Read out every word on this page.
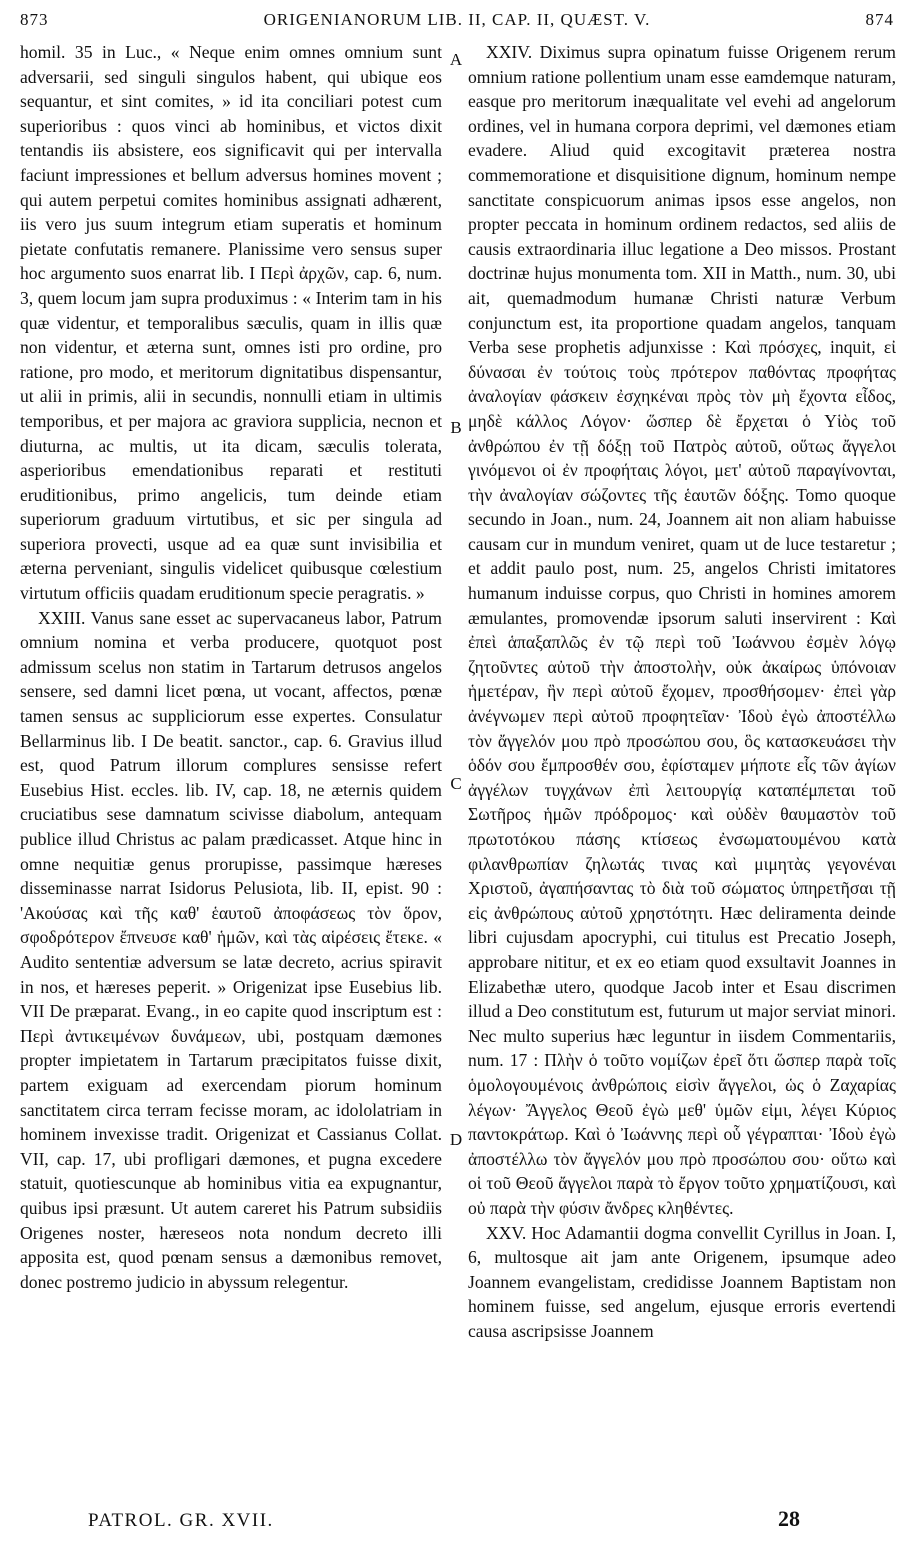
873	ORIGENIANORUM LIB. II, CAP. II, QUÆST. V.	874
A
B
C
D

homil. 35 in Luc., « Neque enim omnes omnium sunt adversarii, sed singuli singulos habent, qui ubique eos sequantur, et sint comites, » id ita conciliari potest cum superioribus : quos vinci ab hominibus, et victos dixit tentandis iis absistere, eos significavit qui per intervalla faciunt impressiones et bellum adversus homines movent ; qui autem perpetui comites hominibus assignati adhærent, iis vero jus suum integrum etiam superatis et hominum pietate confutatis remanere. Planissime vero sensus super hoc argumento suos enarrat lib. I Περὶ ἀρχῶν, cap. 6, num. 3, quem locum jam supra produximus : « Interim tam in his quæ videntur, et temporalibus sæculis, quam in illis quæ non videntur, et æterna sunt, omnes isti pro ordine, pro ratione, pro modo, et meritorum dignitatibus dispensantur, ut alii in primis, alii in secundis, nonnulli etiam in ultimis temporibus, et per majora ac graviora supplicia, necnon et diuturna, ac multis, ut ita dicam, sæculis tolerata, asperioribus emendationibus reparati et restituti eruditionibus, primo angelicis, tum deinde etiam superiorum graduum virtutibus, et sic per singula ad superiora provecti, usque ad ea quæ sunt invisibilia et æterna perveniant, singulis videlicet quibusque cœlestium virtutum officiis quadam eruditionum specie peragratis. »

XXIII. Vanus sane esset ac supervacaneus labor, Patrum omnium nomina et verba producere, quotquot post admissum scelus non statim in Tartarum detrusos angelos sensere, sed damni licet pœna, ut vocant, affectos, pœnæ tamen sensus ac suppliciorum esse expertes. Consulatur Bellarminus lib. I De beatit. sanctor., cap. 6. Gravius illud est, quod Patrum illorum complures sensisse refert Eusebius Hist. eccles. lib. IV, cap. 18, ne æternis quidem cruciatibus sese damnatum scivisse diabolum, antequam publice illud Christus ac palam prædicasset. Atque hinc in omne nequitiæ genus prorupisse, passimque hæreses disseminasse narrat Isidorus Pelusiota, lib. II, epist. 90 : 'Ακούσας καὶ τῆς καθ' ἑαυτοῦ ἀποφάσεως τὸν ὅρον, σφοδρότερον ἔπνευσε καθ' ἡμῶν, καὶ τὰς αἱρέσεις ἔτεκε. « Audito sententiæ adversum se latæ decreto, acrius spiravit in nos, et hæreses peperit. » Origenizat ipse Eusebius lib. VII De præparat. Evang., in eo capite quod inscriptum est : Περὶ ἀντικειμένων δυνάμεων, ubi, postquam dæmones propter impietatem in Tartarum præcipitatos fuisse dixit, partem exiguam ad exercendam piorum hominum sanctitatem circa terram fecisse moram, ac idololatriam in hominem invexisse tradit. Origenizat et Cassianus Collat. VII, cap. 17, ubi profligari dæmones, et pugna excedere statuit, quotiescunque ab hominibus vitia ea expugnantur, quibus ipsi præsunt. Ut autem careret his Patrum subsidiis Origenes noster, hæreseos nota nondum decreto illi apposita est, quod pœnam sensus a dæmonibus removet, donec postremo judicio in abyssum relegentur.

XXIV. Diximus supra opinatum fuisse Origenem rerum omnium ratione pollentium unam esse eamdemque naturam, easque pro meritorum inæqualitate vel evehi ad angelorum ordines, vel in humana corpora deprimi, vel dæmones etiam evadere. Aliud quid excogitavit præterea nostra commemoratione et disquisitione dignum, hominum nempe sanctitate conspicuorum animas ipsos esse angelos, non propter peccata in hominum ordinem redactos, sed aliis de causis extraordinaria illuc legatione a Deo missos. Prostant doctrinæ hujus monumenta tom. XII in Matth., num. 30, ubi ait, quemadmodum humanæ Christi naturæ Verbum conjunctum est, ita proportione quadam angelos, tanquam Verba sese prophetis adjunxisse : Καὶ πρόσχες, inquit, εἰ δύνασαι ἐν τούτοις τοὺς πρότερον παθόντας προφήτας ἀναλογίαν φάσκειν ἐσχηκέναι πρὸς τὸν μὴ ἔχοντα εἶδος, μηδὲ κάλλος Λόγον· ὥσπερ δὲ ἔρχεται ὁ Υἱὸς τοῦ ἀνθρώπου ἐν τῇ δόξῃ τοῦ Πατρὸς αὐτοῦ, οὕτως ἄγγελοι γινόμενοι οἱ ἐν προφήταις λόγοι, μετ' αὐτοῦ παραγίνονται, τὴν ἀναλογίαν σώζοντες τῆς ἑαυτῶν δόξης. Tomo quoque secundo in Joan., num. 24, Joannem ait non aliam habuisse causam cur in mundum veniret, quam ut de luce testaretur ; et addit paulo post, num. 25, angelos Christi imitatores humanum induisse corpus, quo Christi in homines amorem æmulantes, promovendæ ipsorum saluti inservirent : Καὶ ἐπεὶ ἁπαξαπλῶς ἐν τῷ περὶ τοῦ Ἰωάννου ἐσμὲν λόγῳ ζητοῦντες αὐτοῦ τὴν ἀποστολὴν, οὐκ ἀκαίρως ὑπόνοιαν ἡμετέραν, ἣν περὶ αὐτοῦ ἔχομεν, προσθήσομεν· ἐπεὶ γὰρ ἀνέγνωμεν περὶ αὐτοῦ προφητεῖαν· Ἰδοὺ ἐγὼ ἀποστέλλω τὸν ἄγγελόν μου πρὸ προσώπου σου, ὃς κατασκευάσει τὴν ὁδόν σου ἔμπροσθέν σου, ἐφίσταμεν μήποτε εἷς τῶν ἁγίων ἀγγέλων τυγχάνων ἐπὶ λειτουργίᾳ καταπέμπεται τοῦ Σωτῆρος ἡμῶν πρόδρομος· καὶ οὐδὲν θαυμαστὸν τοῦ πρωτοτόκου πάσης κτίσεως ἐνσωματουμένου κατὰ φιλανθρωπίαν ζηλωτάς τινας καὶ μιμητὰς γεγονέναι Χριστοῦ, ἀγαπήσαντας τὸ διὰ τοῦ σώματος ὑπηρετῆσαι τῇ εἰς ἀνθρώπους αὐτοῦ χρηστότητι. Hæc deliramenta deinde libri cujusdam apocryphi, cui titulus est Precatio Joseph, approbare nititur, et ex eo etiam quod exsultavit Joannes in Elizabethæ utero, quodque Jacob inter et Esau discrimen illud a Deo constitutum est, futurum ut major serviat minori. Nec multo superius hæc leguntur in iisdem Commentariis, num. 17 : Πλὴν ὁ τοῦτο νομίζων ἐρεῖ ὅτι ὥσπερ παρὰ τοῖς ὁμολογουμένοις ἀνθρώποις εἰσὶν ἄγγελοι, ὡς ὁ Ζαχαρίας λέγων· Ἄγγελος Θεοῦ ἐγὼ μεθ' ὑμῶν εἰμι, λέγει Κύριος παντοκράτωρ. Καὶ ὁ Ἰωάννης περὶ οὗ γέγραπται· Ἰδοὺ ἐγὼ ἀποστέλλω τὸν ἄγγελόν μου πρὸ προσώπου σου· οὕτω καὶ οἱ τοῦ Θεοῦ ἄγγελοι παρὰ τὸ ἔργον τοῦτο χρηματίζουσι, καὶ οὐ παρὰ τὴν φύσιν ἄνδρες κληθέντες.

XXV. Hoc Adamantii dogma convellit Cyrillus in Joan. I, 6, multosque ait jam ante Origenem, ipsumque adeo Joannem evangelistam, credidisse Joannem Baptistam non hominem fuisse, sed angelum, ejusque erroris evertendi causa ascripsisse Joannem

PATROL. GR. XVII.	28
